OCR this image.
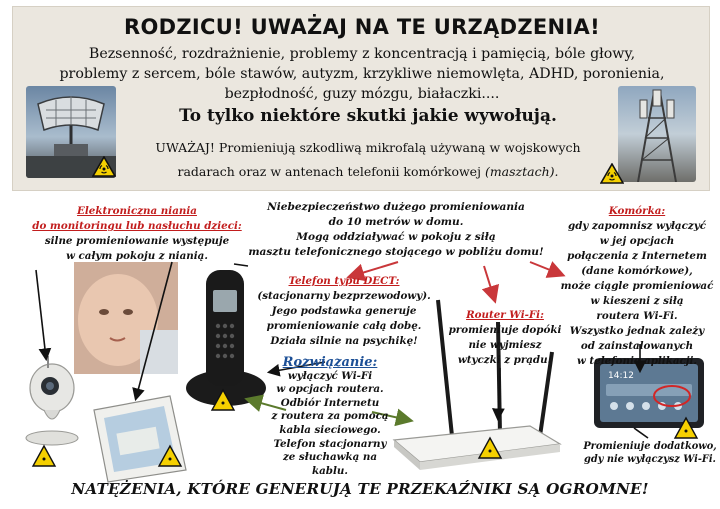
RODZICU! UWAŻAJ NA TE URZĄDZENIA!
Bezsenność, rozdrażnienie, problemy z koncentracją i pamięcią, bóle głowy,
problemy z sercem, bóle stawów, autyzm, krzykliwe niemowlęta, ADHD, poronienia,
bezpłodność, guzy mózgu, białaczki....
To tylko niektóre skutki jakie wywołują.
UWAŻAJ! Promieniują szkodliwą mikrofalą używaną w wojskowych
radarach oraz w antenach telefonii komórkowej (masztach).
14:12
Elektroniczna niania
do monitoringu lub nasłuchu dzieci:
silne promieniowanie występuje
w całym pokoju z nianią.
Niebezpieczeństwo dużego promieniowania
do 10 metrów w domu.
Mogą oddziaływać w pokoju z siłą
masztu telefonicznego stojącego w pobliżu domu!
Telefon typu DECT:
(stacjonarny bezprzewodowy).
Jego podstawka generuje
promieniowanie całą dobę.
Działa silnie na psychikę!
Rozwiązanie:
wyłączyć Wi-Fi
w opcjach routera.
Odbiór Internetu
z routera za pomocą
kabla sieciowego.
Telefon stacjonarny
ze słuchawką na kablu.
Router Wi-Fi:
promieniuje dopóki
nie wyjmiesz
wtyczki z prądu!
Komórka:
gdy zapomnisz wyłączyć
w jej opcjach
połączenia z Internetem
(dane komórkowe),
może ciągle promieniować
w kieszeni z siłą
routera Wi-Fi.
Wszystko jednak zależy
od zainstalowanych
w telefonie aplikacji.
Promieniuje dodatkowo,
gdy nie wyłączysz Wi-Fi.
NATĘŻENIA, KTÓRE GENERUJĄ TE PRZEKAŹNIKI SĄ OGROMNE!
